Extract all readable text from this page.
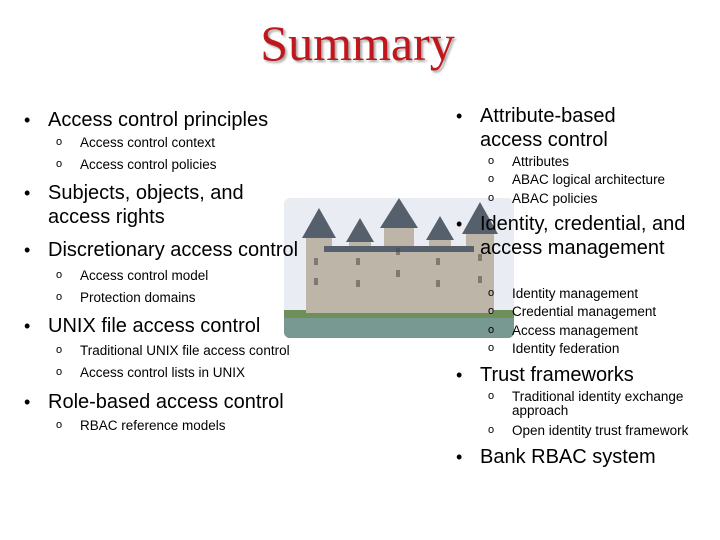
Summary
• Access control principles
o Access control context
o Access control policies
• Subjects, objects, and access rights
• Discretionary access control
o Access control model
o Protection domains
• UNIX file access control
o Traditional UNIX file access control
o Access control lists in UNIX
• Role-based access control
o RBAC reference models
• Attribute-based access control
o Attributes
o ABAC logical architecture
o ABAC policies
• Identity, credential, and access management
o Identity management
o Credential management
o Access management
o Identity federation
• Trust frameworks
o Traditional identity exchange approach
o Open identity trust framework
• Bank RBAC system
